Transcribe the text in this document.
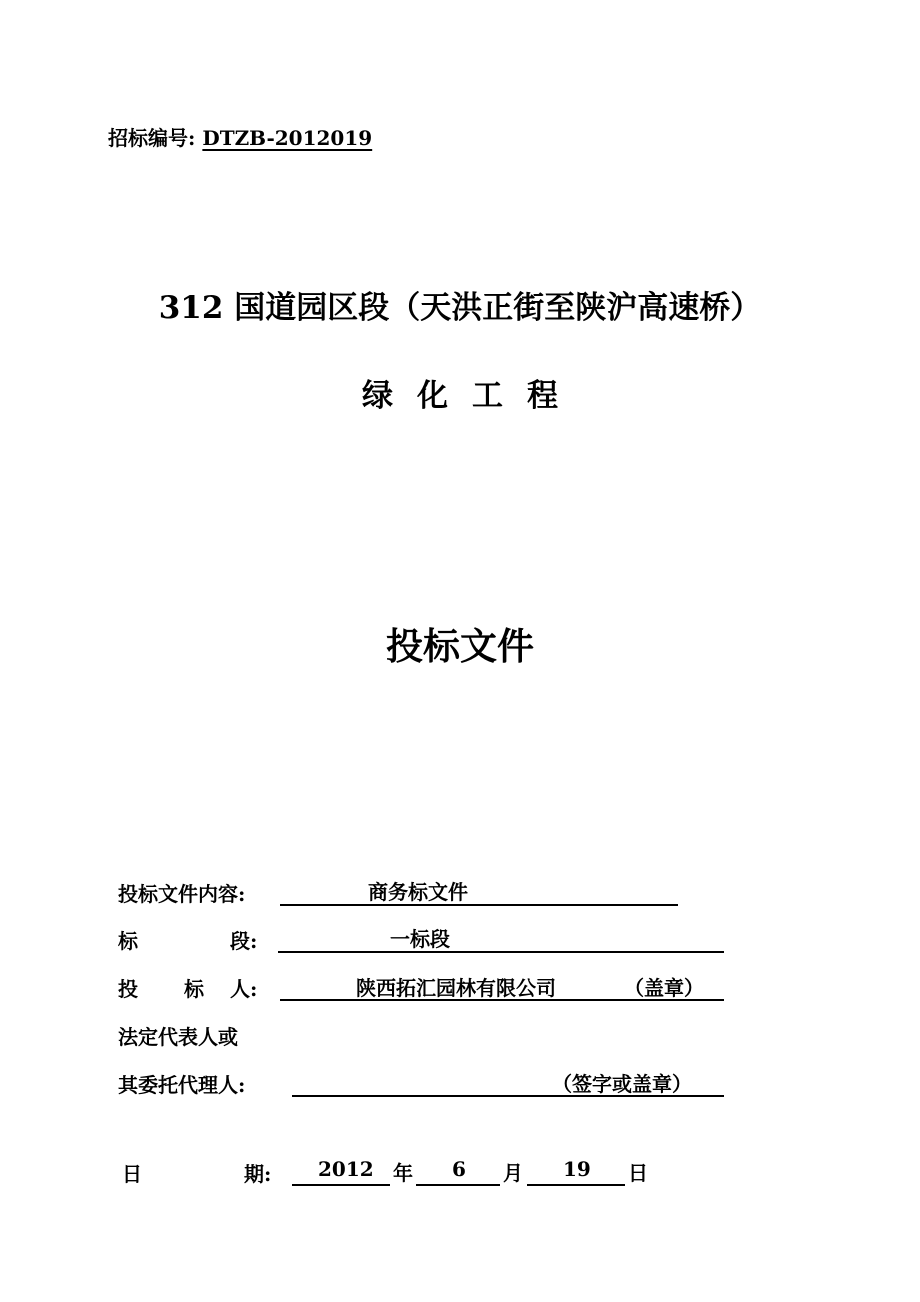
招标编号: DTZB-2012019
312 国道园区段（天洪正街至陕沪高速桥）
绿化工程
投标文件
投标文件内容:	商务标文件
标	段:	一标段
投 标 人:	陕西拓汇园林有限公司	（盖章）
法定代表人或
其委托代理人:	（签字或盖章）
日	期: 2012 年 6 月 19 日
